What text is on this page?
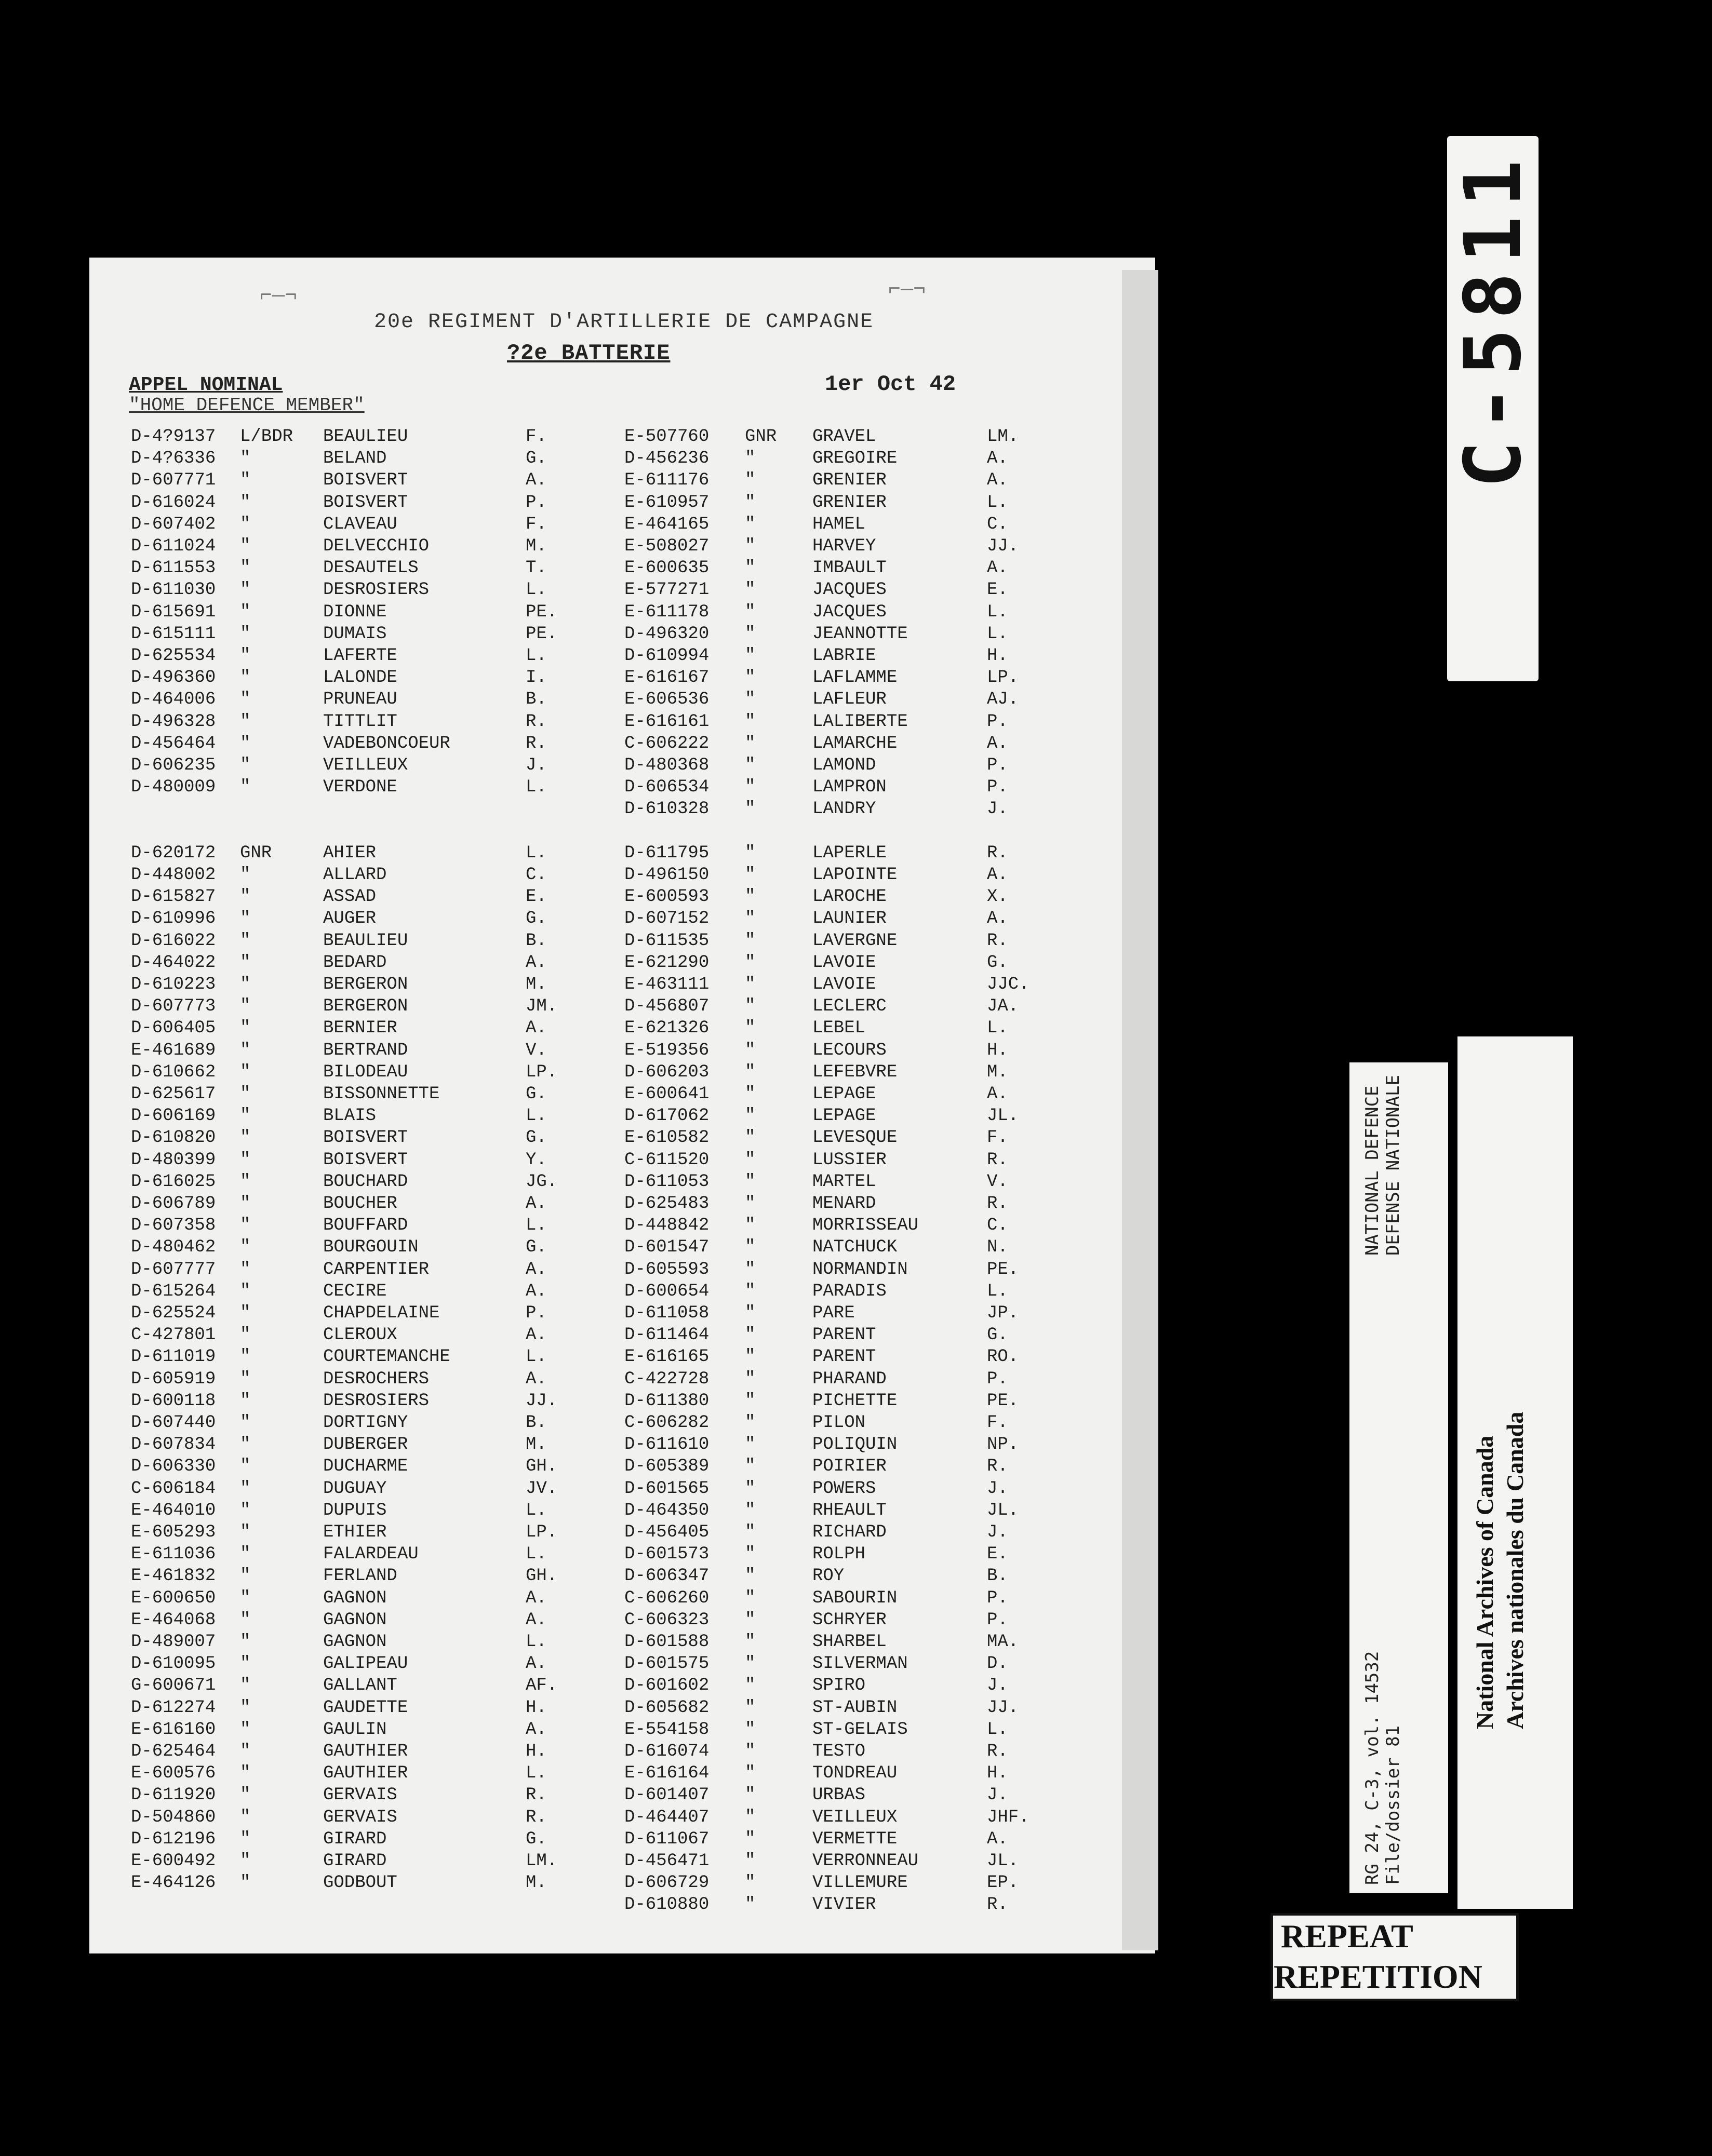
⌐—¬	⌐—¬
20e REGIMENT D'ARTILLERIE DE CAMPAGNE
?2e BATTERIE
APPEL NOMINAL
"HOME DEFENCE MEMBER"
1er Oct 42
D-4?9137 L/BDR BEAULIEU	F.
D-4?6336 "	BELAND	G.
D-607771 "	BOISVERT	A.
D-616024 "	BOISVERT	P.
D-607402 "	CLAVEAU	F.
D-611024 "	DELVECCHIO	M.
D-611553 "	DESAUTELS	T.
D-611030 "	DESROSIERS	L.
D-615691 "	DIONNE	PE.
D-615111 "	DUMAIS	PE.
D-625534 "	LAFERTE	L.
D-496360 "	LALONDE	I.
D-464006 "	PRUNEAU	B.
D-496328 "	TITTLIT	R.
D-456464 "	VADEBONCOEUR	R.
D-606235 "	VEILLEUX	J.
D-480009 "	VERDONE	L.
D-620172 GNR	AHIER	L.
D-448002 "	ALLARD	C.
D-615827 "	ASSAD	E.
D-610996 "	AUGER	G.
D-616022 "	BEAULIEU	B.
D-464022 "	BEDARD	A.
D-610223 "	BERGERON	M.
D-607773 "	BERGERON	JM.
D-606405 "	BERNIER	A.
E-461689 "	BERTRAND	V.
D-610662 "	BILODEAU	LP.
D-625617 "	BISSONNETTE	G.
D-606169 "	BLAIS	L.
D-610820 "	BOISVERT	G.
D-480399 "	BOISVERT	Y.
D-616025 "	BOUCHARD	JG.
D-606789 "	BOUCHER	A.
D-607358 "	BOUFFARD	L.
D-480462 "	BOURGOUIN	G.
D-607777 "	CARPENTIER	A.
D-615264 "	CECIRE	A.
D-625524 "	CHAPDELAINE	P.
C-427801 "	CLEROUX	A.
D-611019 "	COURTEMANCHE	L.
D-605919 "	DESROCHERS	A.
D-600118 "	DESROSIERS	JJ.
D-607440 "	DORTIGNY	B.
D-607834 "	DUBERGER	M.
D-606330 "	DUCHARME	GH.
C-606184 "	DUGUAY	JV.
E-464010 "	DUPUIS	L.
E-605293 "	ETHIER	LP.
E-611036 "	FALARDEAU	L.
E-461832 "	FERLAND	GH.
E-600650 "	GAGNON	A.
E-464068 "	GAGNON	A.
D-489007 "	GAGNON	L.
D-610095 "	GALIPEAU	A.
G-600671 "	GALLANT	AF.
D-612274 "	GAUDETTE	H.
E-616160 "	GAULIN	A.
D-625464 "	GAUTHIER	H.
E-600576 "	GAUTHIER	L.
D-611920 "	GERVAIS	R.
D-504860 "	GERVAIS	R.
D-612196 "	GIRARD	G.
E-600492 "	GIRARD	LM.
E-464126 "	GODBOUT	M.
E-507760 GNR GRAVEL	LM.
D-456236 "	GREGOIRE	A.
E-611176 "	GRENIER	A.
E-610957 "	GRENIER	L.
E-464165 "	HAMEL	C.
E-508027 "	HARVEY	JJ.
E-600635 "	IMBAULT	A.
E-577271 "	JACQUES	E.
E-611178 "	JACQUES	L.
D-496320 "	JEANNOTTE	L.
D-610994 "	LABRIE	H.
E-616167 "	LAFLAMME	LP.
E-606536 "	LAFLEUR	AJ.
E-616161 "	LALIBERTE	P.
C-606222 "	LAMARCHE	A.
D-480368 "	LAMOND	P.
D-606534 "	LAMPRON	P.
D-610328 "	LANDRY	J.
D-611795 "	LAPERLE	R.
D-496150 "	LAPOINTE	A.
E-600593 "	LAROCHE	X.
D-607152 "	LAUNIER	A.
D-611535 "	LAVERGNE	R.
E-621290 "	LAVOIE	G.
E-463111 "	LAVOIE	JJC.
D-456807 "	LECLERC	JA.
E-621326 "	LEBEL	L.
E-519356 "	LECOURS	H.
D-606203 "	LEFEBVRE	M.
E-600641 "	LEPAGE	A.
D-617062 "	LEPAGE	JL.
E-610582 "	LEVESQUE	F.
C-611520 "	LUSSIER	R.
D-611053 "	MARTEL	V.
D-625483 "	MENARD	R.
D-448842 "	MORRISSEAU	C.
D-601547 "	NATCHUCK	N.
D-605593 "	NORMANDIN	PE.
D-600654 "	PARADIS	L.
D-611058 "	PARE	JP.
D-611464 "	PARENT	G.
E-616165 "	PARENT	RO.
C-422728 "	PHARAND	P.
D-611380 "	PICHETTE	PE.
C-606282 "	PILON	F.
D-611610 "	POLIQUIN	NP.
D-605389 "	POIRIER	R.
D-601565 "	POWERS	J.
D-464350 "	RHEAULT	JL.
D-456405 "	RICHARD	J.
D-601573 "	ROLPH	E.
D-606347 "	ROY	B.
C-606260 "	SABOURIN	P.
C-606323 "	SCHRYER	P.
D-601588 "	SHARBEL	MA.
D-601575 "	SILVERMAN	D.
D-601602 "	SPIRO	J.
D-605682 "	ST-AUBIN	JJ.
E-554158 "	ST-GELAIS	L.
D-616074 "	TESTO	R.
E-616164 "	TONDREAU	H.
D-601407 "	URBAS	J.
D-464407 "	VEILLEUX	JHF.
D-611067 "	VERMETTE	A.
D-456471 "	VERRONNEAU	JL.
D-606729 "	VILLEMURE	EP.
D-610880 "	VIVIER	R.
C-5811
RG 24, C-3, vol. 14532 File/dossier 81
NATIONAL DEFENCE DEFENSE NATIONALE
National Archives of Canada Archives nationales du Canada
REPEAT
REPETITION
